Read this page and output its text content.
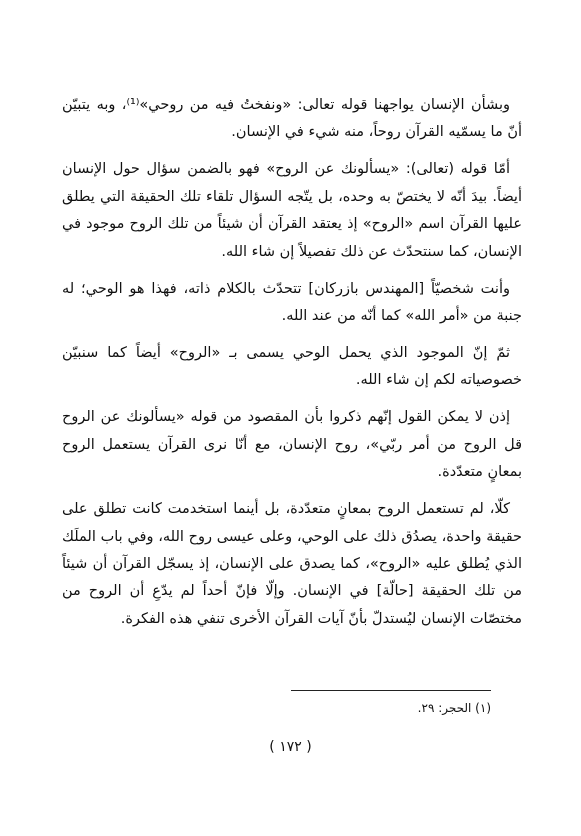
وبشأن الإنسان يواجهنا قوله تعالى: «ونفختُ فيه من روحي»⁽¹⁾، وبه يتبيّن أنّ ما يسمّيه القرآن روحاً، منه شيء في الإنسان.

أمّا قوله (تعالى): «يسألونك عن الروح» فهو بالضمن سؤال حول الإنسان أيضاً. بيدَ أنّه لا يختصّ به وحده، بل يتّجه السؤال تلقاء تلك الحقيقة التي يطلق عليها القرآن اسم «الروح» إذ يعتقد القرآن أن شيئاً من تلك الروح موجود في الإنسان، كما سنتحدّث عن ذلك تفصيلاً إن شاء الله.

وأنت شخصيّاً [المهندس بازركان] تتحدّث بالكلام ذاته، فهذا هو الوحي؛ له جنبة من «أمر الله» كما أنّه من عند الله.

ثمّ إنّ الموجود الذي يحمل الوحي يسمى بـ «الروح» أيضاً كما سنبيّن خصوصياته لكم إن شاء الله.

إذن لا يمكن القول إنّهم ذكروا بأن المقصود من قوله «يسألونك عن الروح قل الروح من أمر ربّي»، روح الإنسان، مع أنّا نرى القرآن يستعمل الروح بمعانٍ متعدّدة.

كلّا، لم تستعمل الروح بمعانٍ متعدّدة، بل أينما استخدمت كانت تطلق على حقيقة واحدة، يصدُق ذلك على الوحي، وعلى عيسى روح الله، وفي باب الملَك الذي يُطلق عليه «الروح»، كما يصدق على الإنسان، إذ يسجّل القرآن أن شيئاً من تلك الحقيقة [حالّة] في الإنسان. وإلّا فإنّ أحداً لم يدّعِ أن الروح من مختصّات الإنسان ليُستدلّ بأنّ آيات القرآن الأخرى تنفي هذه الفكرة.

(١) الحجر: ٢٩.
( ١٧٢ )
